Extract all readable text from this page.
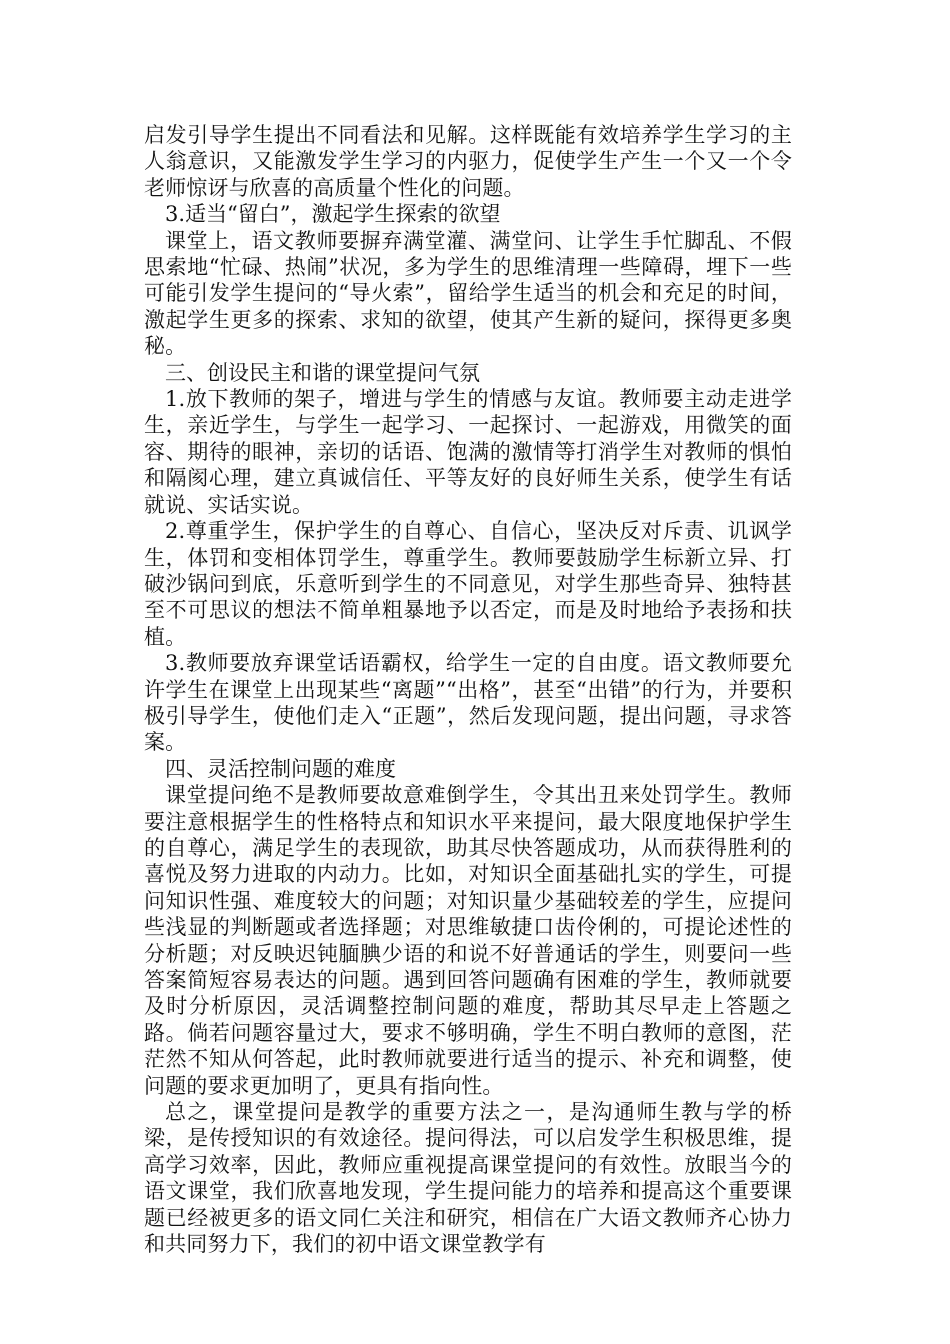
启发引导学生提出不同看法和见解。这样既能有效培养学生学习的主人翁意识，又能激发学生学习的内驱力，促使学生产生一个又一个令老师惊讶与欣喜的高质量个性化的问题。

3.适当“留白”，激起学生探索的欲望

课堂上，语文教师要摒弃满堂灌、满堂问、让学生手忙脚乱、不假思索地“忙碌、热闹”状况，多为学生的思维清理一些障碍，埋下一些可能引发学生提问的“导火索”，留给学生适当的机会和充足的时间，激起学生更多的探索、求知的欲望，使其产生新的疑问，探得更多奥秘。

三、创设民主和谐的课堂提问气氛

1.放下教师的架子，增进与学生的情感与友谊。教师要主动走进学生，亲近学生，与学生一起学习、一起探讨、一起游戏，用微笑的面容、期待的眼神，亲切的话语、饱满的激情等打消学生对教师的惧怕和隔阂心理，建立真诚信任、平等友好的良好师生关系，使学生有话就说、实话实说。

2.尊重学生，保护学生的自尊心、自信心，坚决反对斥责、讥讽学生，体罚和变相体罚学生，尊重学生。教师要鼓励学生标新立异、打破沙锅问到底，乐意听到学生的不同意见，对学生那些奇异、独特甚至不可思议的想法不简单粗暴地予以否定，而是及时地给予表扬和扶植。

3.教师要放弃课堂话语霸权，给学生一定的自由度。语文教师要允许学生在课堂上出现某些“离题”“出格”，甚至“出错”的行为，并要积极引导学生，使他们走入“正题”，然后发现问题，提出问题，寻求答案。

四、灵活控制问题的难度

课堂提问绝不是教师要故意难倒学生，令其出丑来处罚学生。教师要注意根据学生的性格特点和知识水平来提问，最大限度地保护学生的自尊心，满足学生的表现欲，助其尽快答题成功，从而获得胜利的喜悦及努力进取的内动力。比如，对知识全面基础扎实的学生，可提问知识性强、难度较大的问题；对知识量少基础较差的学生，应提问些浅显的判断题或者选择题；对思维敏捷口齿伶俐的，可提论述性的分析题；对反映迟钝腼腆少语的和说不好普通话的学生，则要问一些答案简短容易表达的问题。遇到回答问题确有困难的学生，教师就要及时分析原因，灵活调整控制问题的难度，帮助其尽早走上答题之路。倘若问题容量过大，要求不够明确，学生不明白教师的意图，茫茫然不知从何答起，此时教师就要进行适当的提示、补充和调整，使问题的要求更加明了，更具有指向性。

总之，课堂提问是教学的重要方法之一，是沟通师生教与学的桥梁，是传授知识的有效途径。提问得法，可以启发学生积极思维，提高学习效率，因此，教师应重视提高课堂提问的有效性。放眼当今的语文课堂，我们欣喜地发现，学生提问能力的培养和提高这个重要课题已经被更多的语文同仁关注和研究，相信在广大语文教师齐心协力和共同努力下，我们的初中语文课堂教学有
